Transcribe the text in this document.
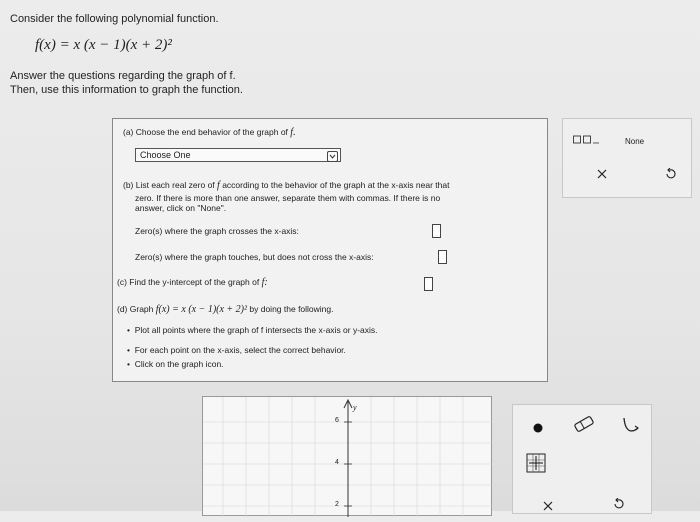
Consider the following polynomial function.
f(x) = x (x − 1)(x + 2)²
Answer the questions regarding the graph of f.
Then, use this information to graph the function.
(a) Choose the end behavior of the graph of f.
Choose One
(b) List each real zero of f according to the behavior of the graph at the x-axis near that
zero. If there is more than one answer, separate them with commas. If there is no
answer, click on "None".
Zero(s) where the graph crosses the x-axis:
Zero(s) where the graph touches, but does not cross the x-axis:
(c) Find the y-intercept of the graph of f:
(d) Graph f(x) = x (x − 1)(x + 2)² by doing the following.
•  Plot all points where the graph of f intersects the x-axis or y-axis.
•  For each point on the x-axis, select the correct behavior.
•  Click on the graph icon.
None
y
6
4
2
